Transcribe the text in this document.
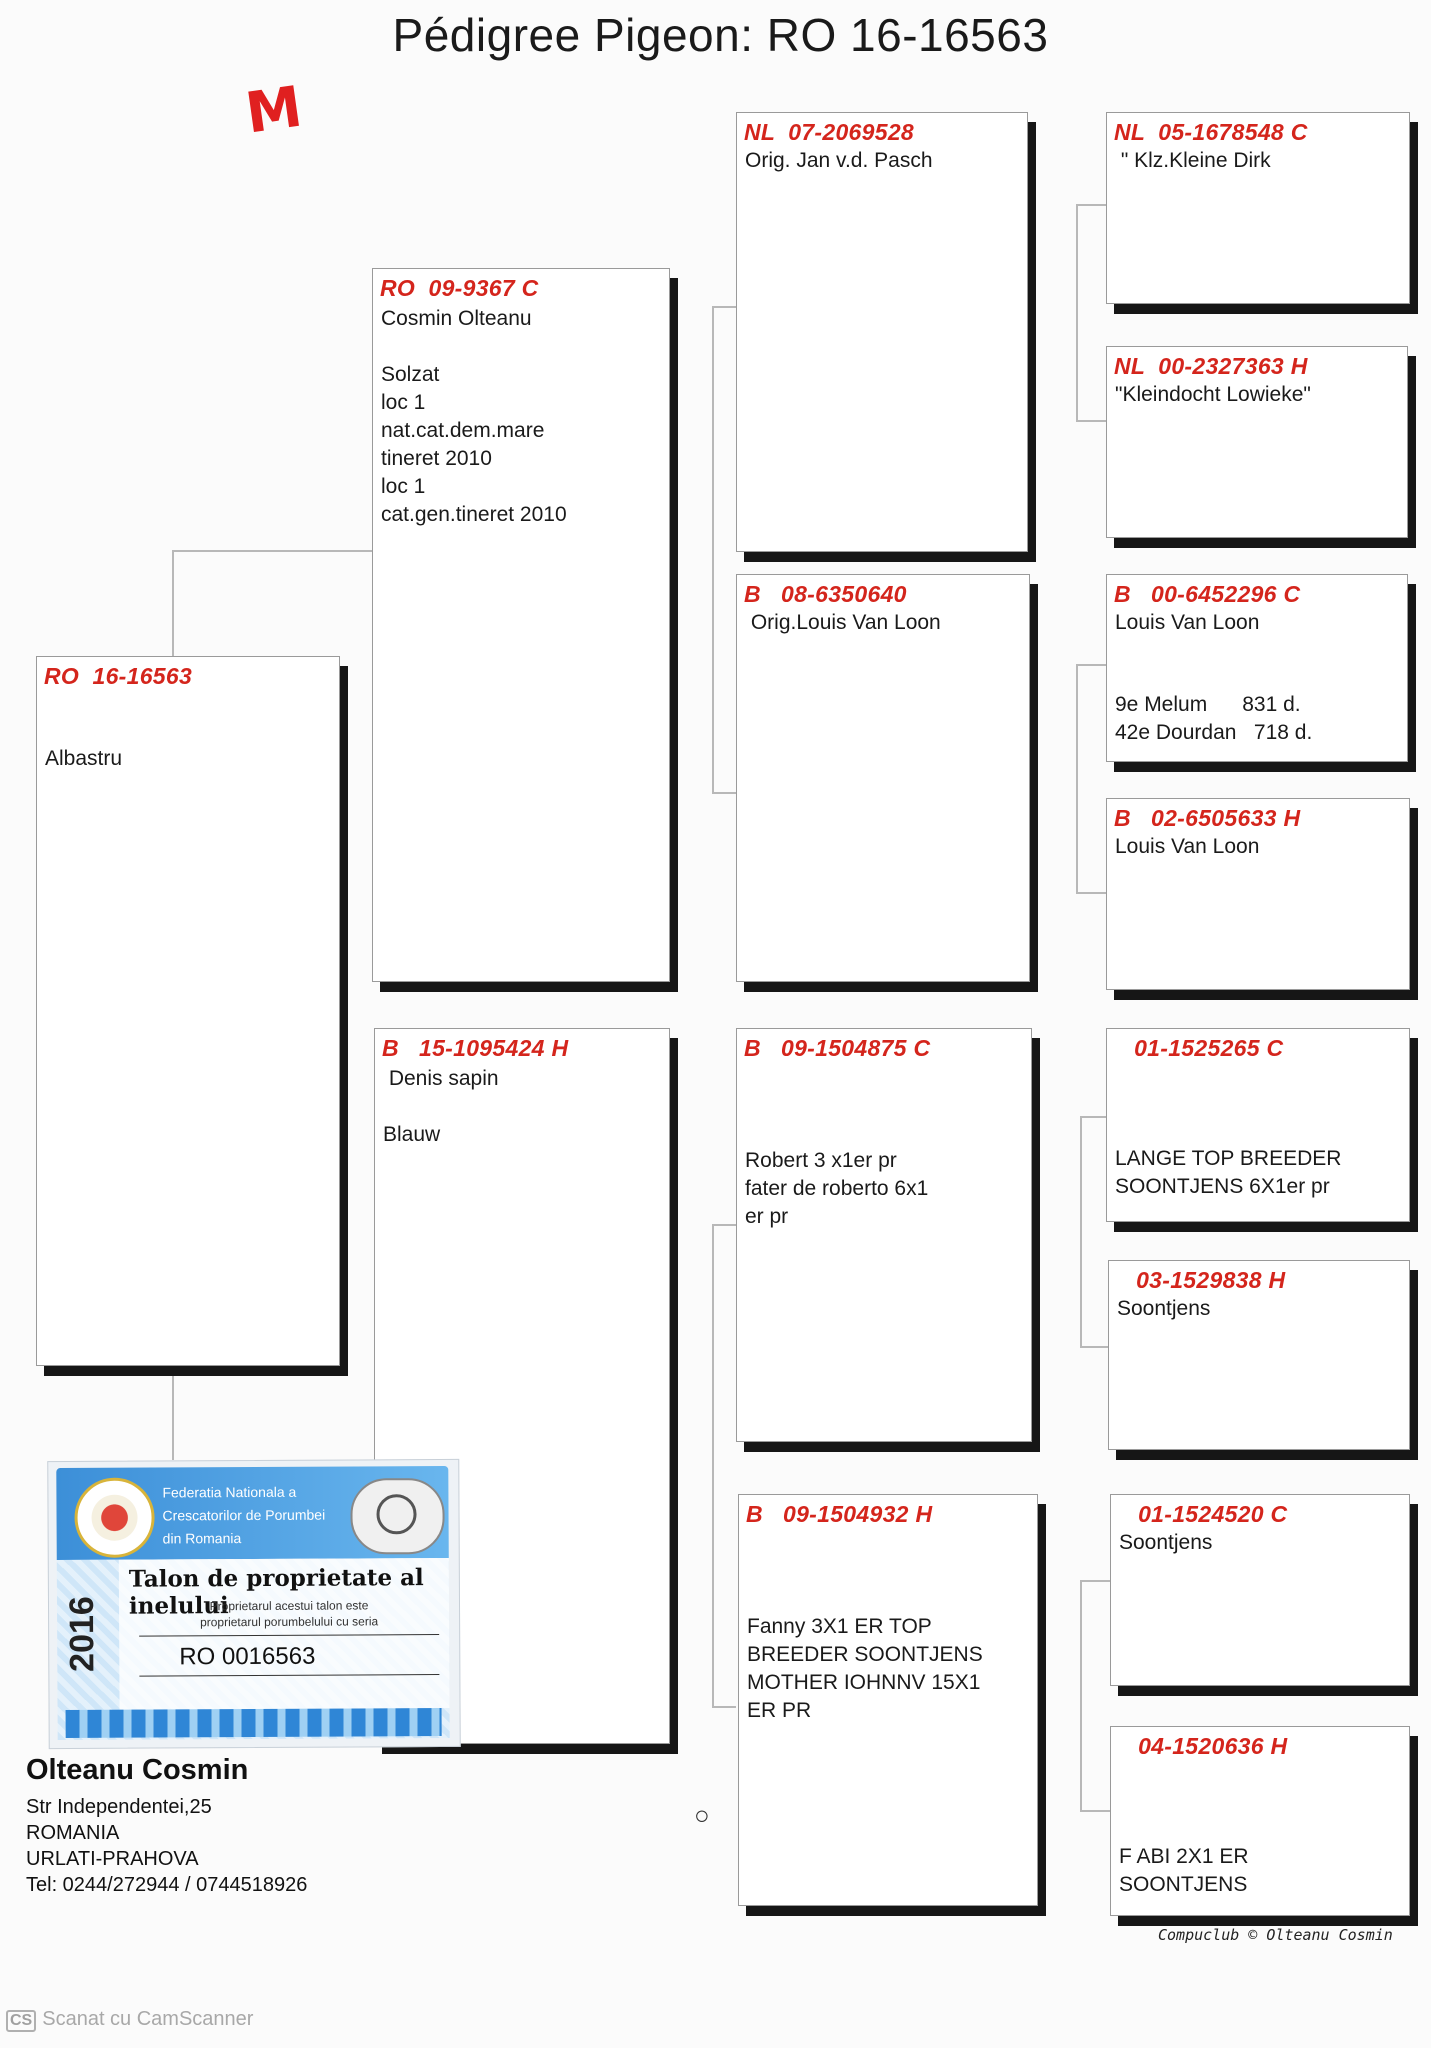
Pédigree Pigeon: RO 16-16563
M
RO  16-16563
Albastru
RO  09-9367 C
Cosmin Olteanu
Solzat
loc 1
nat.cat.dem.mare
tineret 2010
loc 1
cat.gen.tineret 2010
B   15-1095424 H
Denis sapin
Blauw
NL  07-2069528
Orig. Jan v.d. Pasch
B   08-6350640
Orig.Louis Van Loon
B   09-1504875 C
Robert 3 x1er pr
fater de roberto 6x1
er pr
B   09-1504932 H
Fanny 3X1 ER TOP
BREEDER SOONTJENS
MOTHER IOHNNV 15X1
ER PR
NL  05-1678548 C
" Klz.Kleine Dirk
NL  00-2327363 H
"Kleindocht Lowieke"
B   00-6452296 C
Louis Van Loon
9e Melum      831 d.
42e Dourdan   718 d.
B   02-6505633 H
Louis Van Loon
01-1525265 C
LANGE TOP BREEDER
SOONTJENS 6X1er pr
03-1529838 H
Soontjens
01-1524520 C
Soontjens
04-1520636 H
F ABI 2X1 ER
SOONTJENS
Federatia Nationala a
Crescatorilor de Porumbei
din Romania
2016
Talon de proprietate al inelului
Proprietarul acestui talon este
proprietarul porumbelului cu seria
RO 0016563
Olteanu Cosmin
Str Independentei,25
ROMANIA
URLATI-PRAHOVA
Tel: 0244/272944 / 0744518926
○
Compuclub © Olteanu Cosmin
CS Scanat cu CamScanner
